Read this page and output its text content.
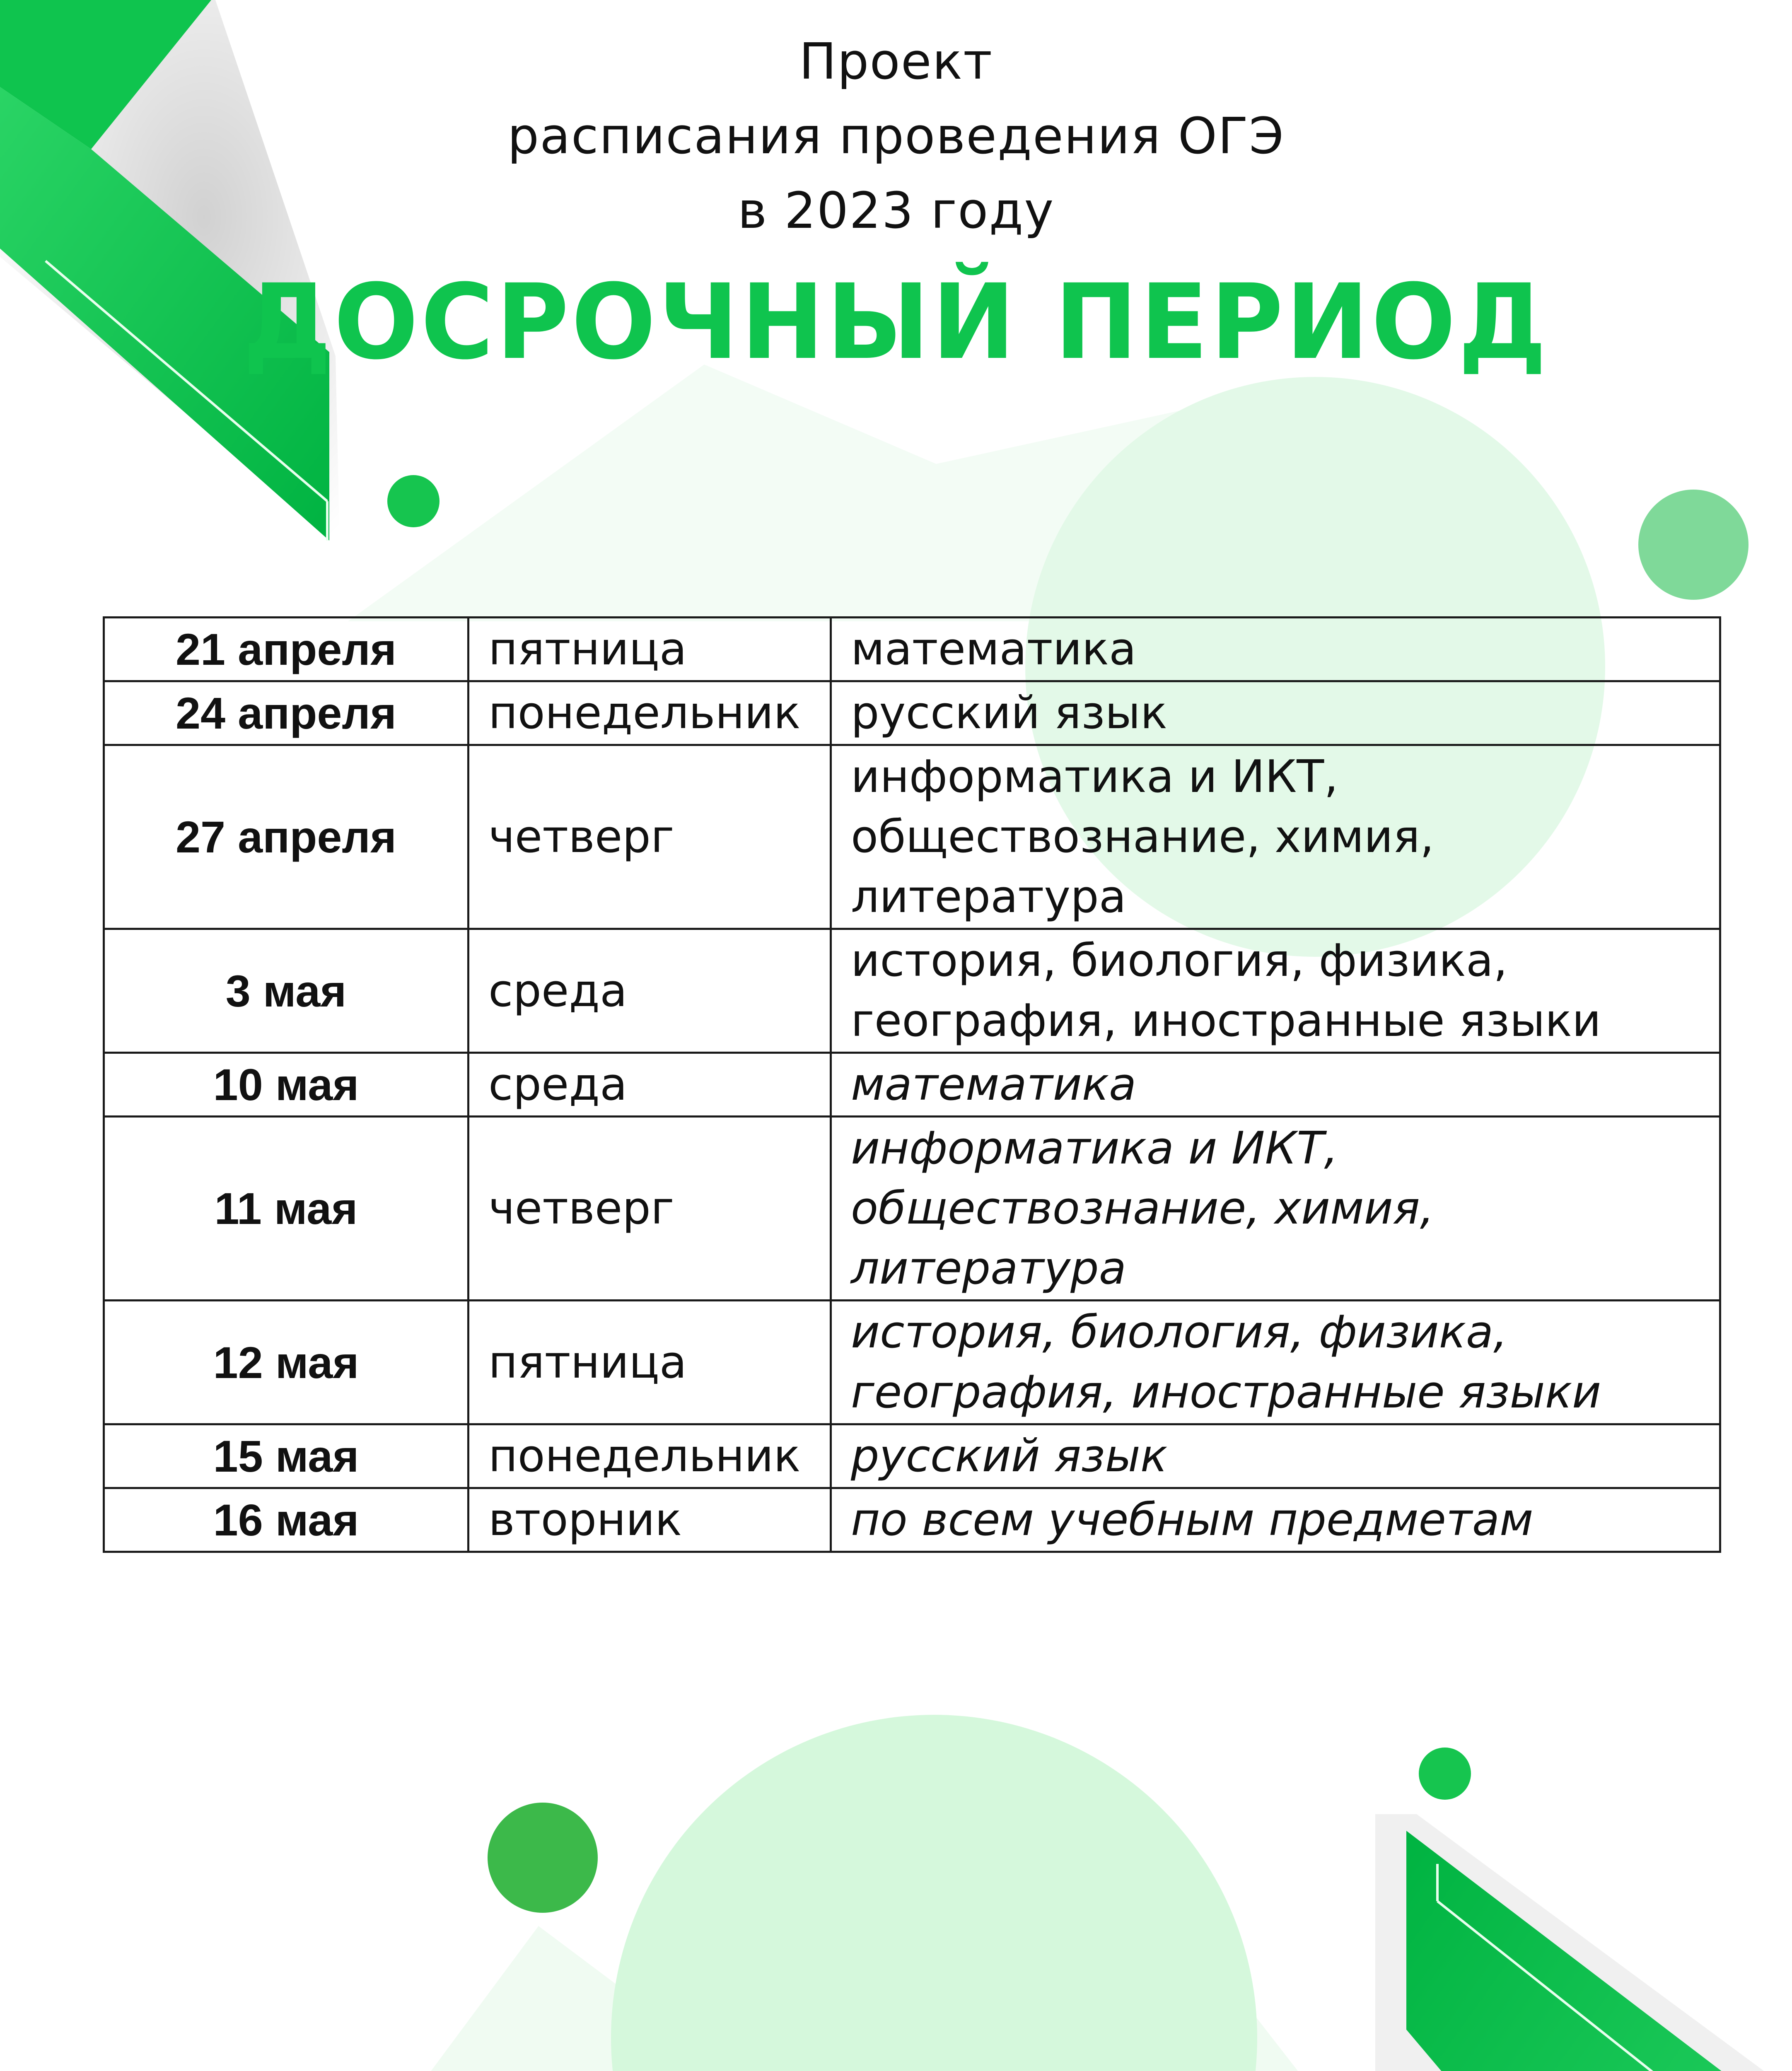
Проект
расписания проведения ОГЭ
в 2023 году
ДОСРОЧНЫЙ ПЕРИОД
21 апреля	пятница	математика

24 апреля	понедельник	русский язык

27 апреля	четверг	информатика и ИКТ,
обществознание, химия,
литература

3 мая	среда	история, биология, физика,
география, иностранные языки

10 мая	среда	математика

11 мая	четверг	информатика и ИКТ,
обществознание, химия,
литература

12 мая	пятница	история, биология, физика,
география, иностранные языки

15 мая	понедельник	русский язык

16 мая	вторник	по всем учебным предметам
